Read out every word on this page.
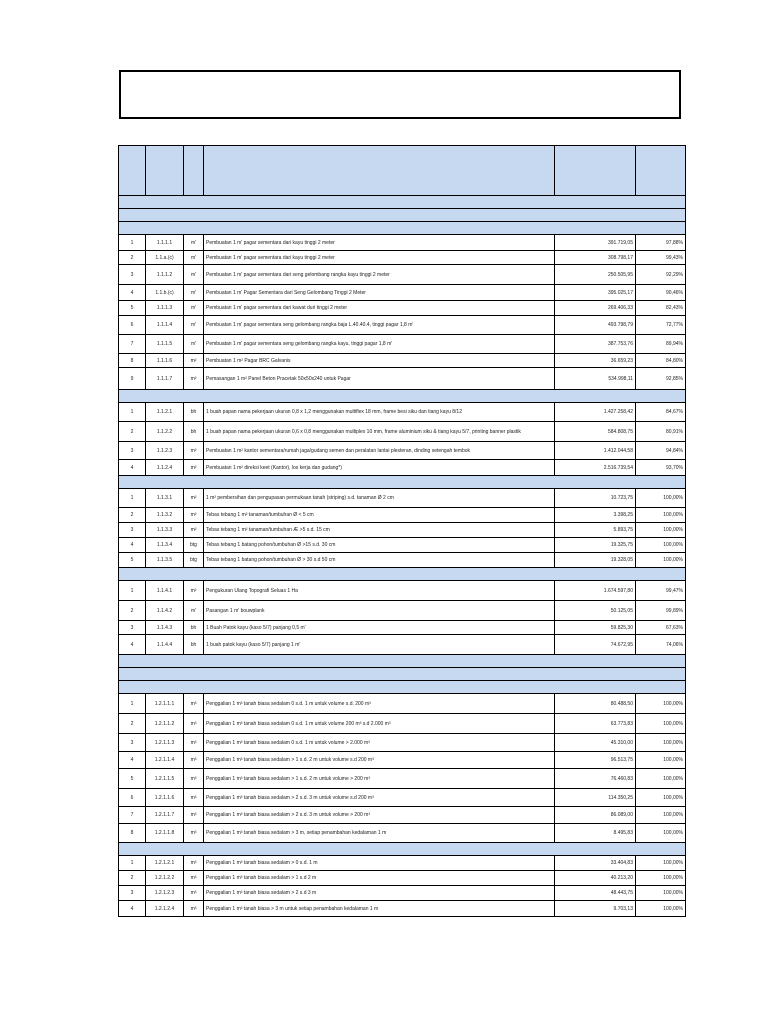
1	1.1.1.1	m'	Pembuatan 1 m' pagar sementara dari kayu tinggi 2 meter	391.719,05	97,88%
2	1.1.a.(c)	m'	Pembuatan 1 m' pagar sementara dari kayu tinggi 2 meter	308.798,17	99,43%
3	1.1.1.2	m'	Pembuatan 1 m' pagar sementara dari seng gelombang rangka kayu tinggi 2 meter	250.505,95	92,29%
4	1.1.b.(c)	m'	Pembuatan 1 m' Pagar Sementara dari Seng Gelombang Tinggi 2 Meter	395.025,17	90,46%
5	1.1.1.3	m'	Pembuatan 1 m' pagar sementara dari kawat duri tinggi 2 meter	269.406,33	82,43%
6	1.1.1.4	m'	Pembuatan 1 m' pagar sementara seng gelombang rangka baja L.40.40.4, tinggi pagar 1,8 m'	493.798,79	72,77%
7	1.1.1.5	m'	Pembuatan 1 m' pagar sementara seng gelombang rangka kayu, tinggi pagar 1,8 m'	387.753,76	89,94%
8	1.1.1.6	m²	Pembuatan 1 m² Pagar BRC Galvanis	36.659,23	84,80%
9	1.1.1.7	m²	Pemasangan 1 m² Panel Beton Pracetak 50x50x240 untuk Pagar	534.998,11	92,85%

1	1.1.2.1	bh	1 buah papan nama pekerjaan ukuran 0,8 x 1,2 menggunakan multiflex 18 mm, frame besi siku dan tiang kayu 8/12	1.427.258,42	84,67%
2	1.1.2.2	bh	1 buah papan nama pekerjaan ukuran 0,6 x 0,8 menggunakan multiplex 10 mm, frame aluminium siku & tiang kayu 5/7, printing banner plastik	584.808,75	80,91%
3	1.1.2.3	m²	Pembuatan 1 m² kantor sementara/rumah jaga/gudang semen dan peralatan lantai plesteran, dinding setengah tembok	1.412.044,58	94,84%
4	1.1.2.4	m²	Pembuatan 1 m² direksi keet (Kantor), los kerja dan gudang*)	2.516.739,54	93,70%

1	1.1.3.1	m²	1 m² pembersihan dan pengupasan permukaan tanah (striping) s.d. tanaman Ø 2 cm	10.723,75	100,00%
2	1.1.3.2	m²	Tebas tebang 1 m² tanaman/tumbuhan Ø < 5 cm	3.398,25	100,00%
3	1.1.3.3	m²	Tebas tebang 1 m² tanaman/tumbuhan Æ >5 s.d. 15 cm	5.893,75	100,00%
4	1.1.3.4	btg	Tebas tebang 1 batang pohon/tumbuhan Ø >15 s.d. 30 cm	19.325,75	100,00%
5	1.1.3.5	btg	Tebas tebang 1 batang pohon/tumbuhan Ø > 30 s.d 50 cm	19.328,05	100,00%

1	1.1.4.1	m²	Pengukuran Ulang Topografi Seluas 1 Ha	1.674.597,80	99,47%
2	1.1.4.2	m'	Pasangan 1 m' bouwplank	50.125,05	99,89%
3	1.1.4.3	bh	1 Buah Patok kayu (kaso 5/7) panjang 0,5 m'	59.825,30	67,63%
4	1.1.4.4	bh	1 buah patok kayu (kaso 5/7) panjang 1 m'	74.672,95	74,06%

1	1.2.1.1.1	m³	Penggalian 1 m³ tanah biasa sedalam 0 s.d. 1 m untuk volume s.d. 200 m³	80.488,50	100,00%
2	1.2.1.1.2	m³	Penggalian 1 m³ tanah biasa sedalam 0 s.d. 1 m untuk volume 200 m³ s.d 2.000 m³	63.773,83	100,00%
3	1.2.1.1.3	m³	Penggalian 1 m³ tanah biasa sedalam 0 s.d. 1 m untuk volume > 2.000 m³	45.310,00	100,00%
4	1.2.1.1.4	m³	Penggalian 1 m³ tanah biasa sedalam > 1 s.d. 2 m untuk volume s.d 200 m³	96.513,75	100,00%
5	1.2.1.1.5	m³	Penggalian 1 m³ tanah biasa sedalam > 1 s.d. 2 m untuk volume > 200 m³	76.460,83	100,00%
6	1.2.1.1.6	m³	Penggalian 1 m³ tanah biasa sedalam > 2 s.d. 3 m untuk volume s.d 200 m³	114.350,25	100,00%
7	1.2.1.1.7	m³	Penggalian 1 m³ tanah biasa sedalam > 2 s.d. 3 m untuk volume > 200 m³	86.089,00	100,00%
8	1.2.1.1.8	m³	Penggalian 1 m³ tanah biasa sedalam > 3 m, setiap penambahan kedalaman 1 m	8.495,83	100,00%

1	1.2.1.2.1	m³	Penggalian 1 m³ tanah biasa sedalam > 0 s.d. 1 m	33.404,83	100,00%
2	1.2.1.2.2	m³	Penggalian 1 m³ tanah biasa sedalam > 1 s.d 2 m	40.213,20	100,00%
3	1.2.1.2.3	m³	Penggalian 1 m³ tanah biasa sedalam > 2 s.d 3 m	48.443,75	100,00%
4	1.2.1.2.4	m³	Penggalian 1 m³ tanah biasa > 3 m untuk setiap penambahan kedalaman 1 m	9.703,13	100,00%
